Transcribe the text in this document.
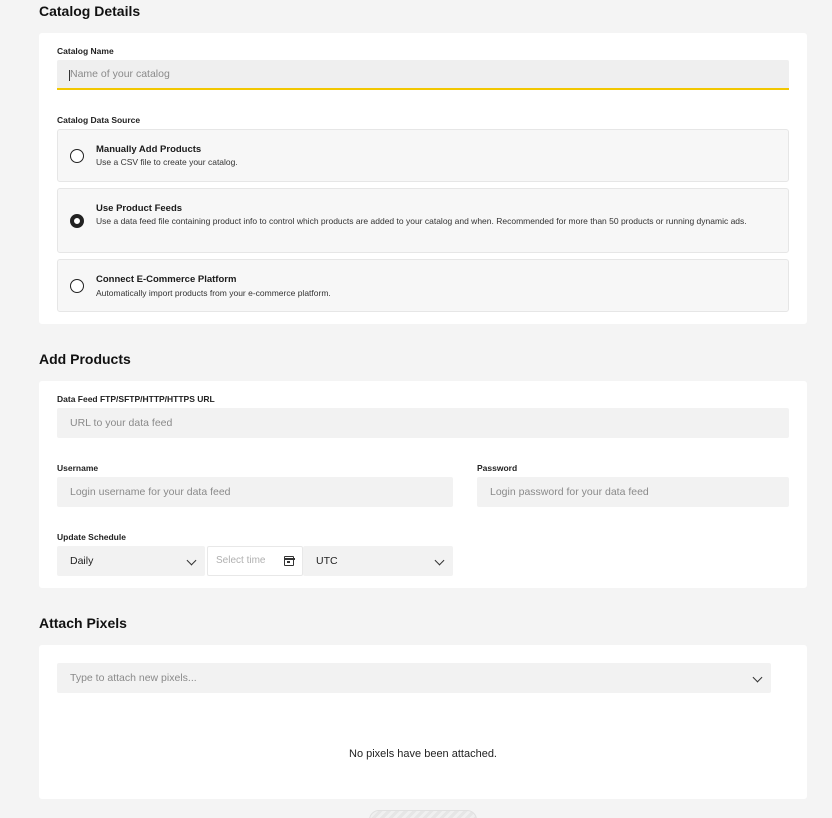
Catalog Details
Catalog Name
Name of your catalog
Catalog Data Source
Manually Add Products
Use a CSV file to create your catalog.
Use Product Feeds
Use a data feed file containing product info to control which products are added to your catalog and when. Recommended for more than 50 products or running dynamic ads.
Connect E-Commerce Platform
Automatically import products from your e-commerce platform.
Add Products
Data Feed FTP/SFTP/HTTP/HTTPS URL
URL to your data feed
Username
Login username for your data feed	Password
Update Schedule
Daily	Select time	UTC
Attach Pixels
Type to attach new pixels...
No pixels have been attached.
